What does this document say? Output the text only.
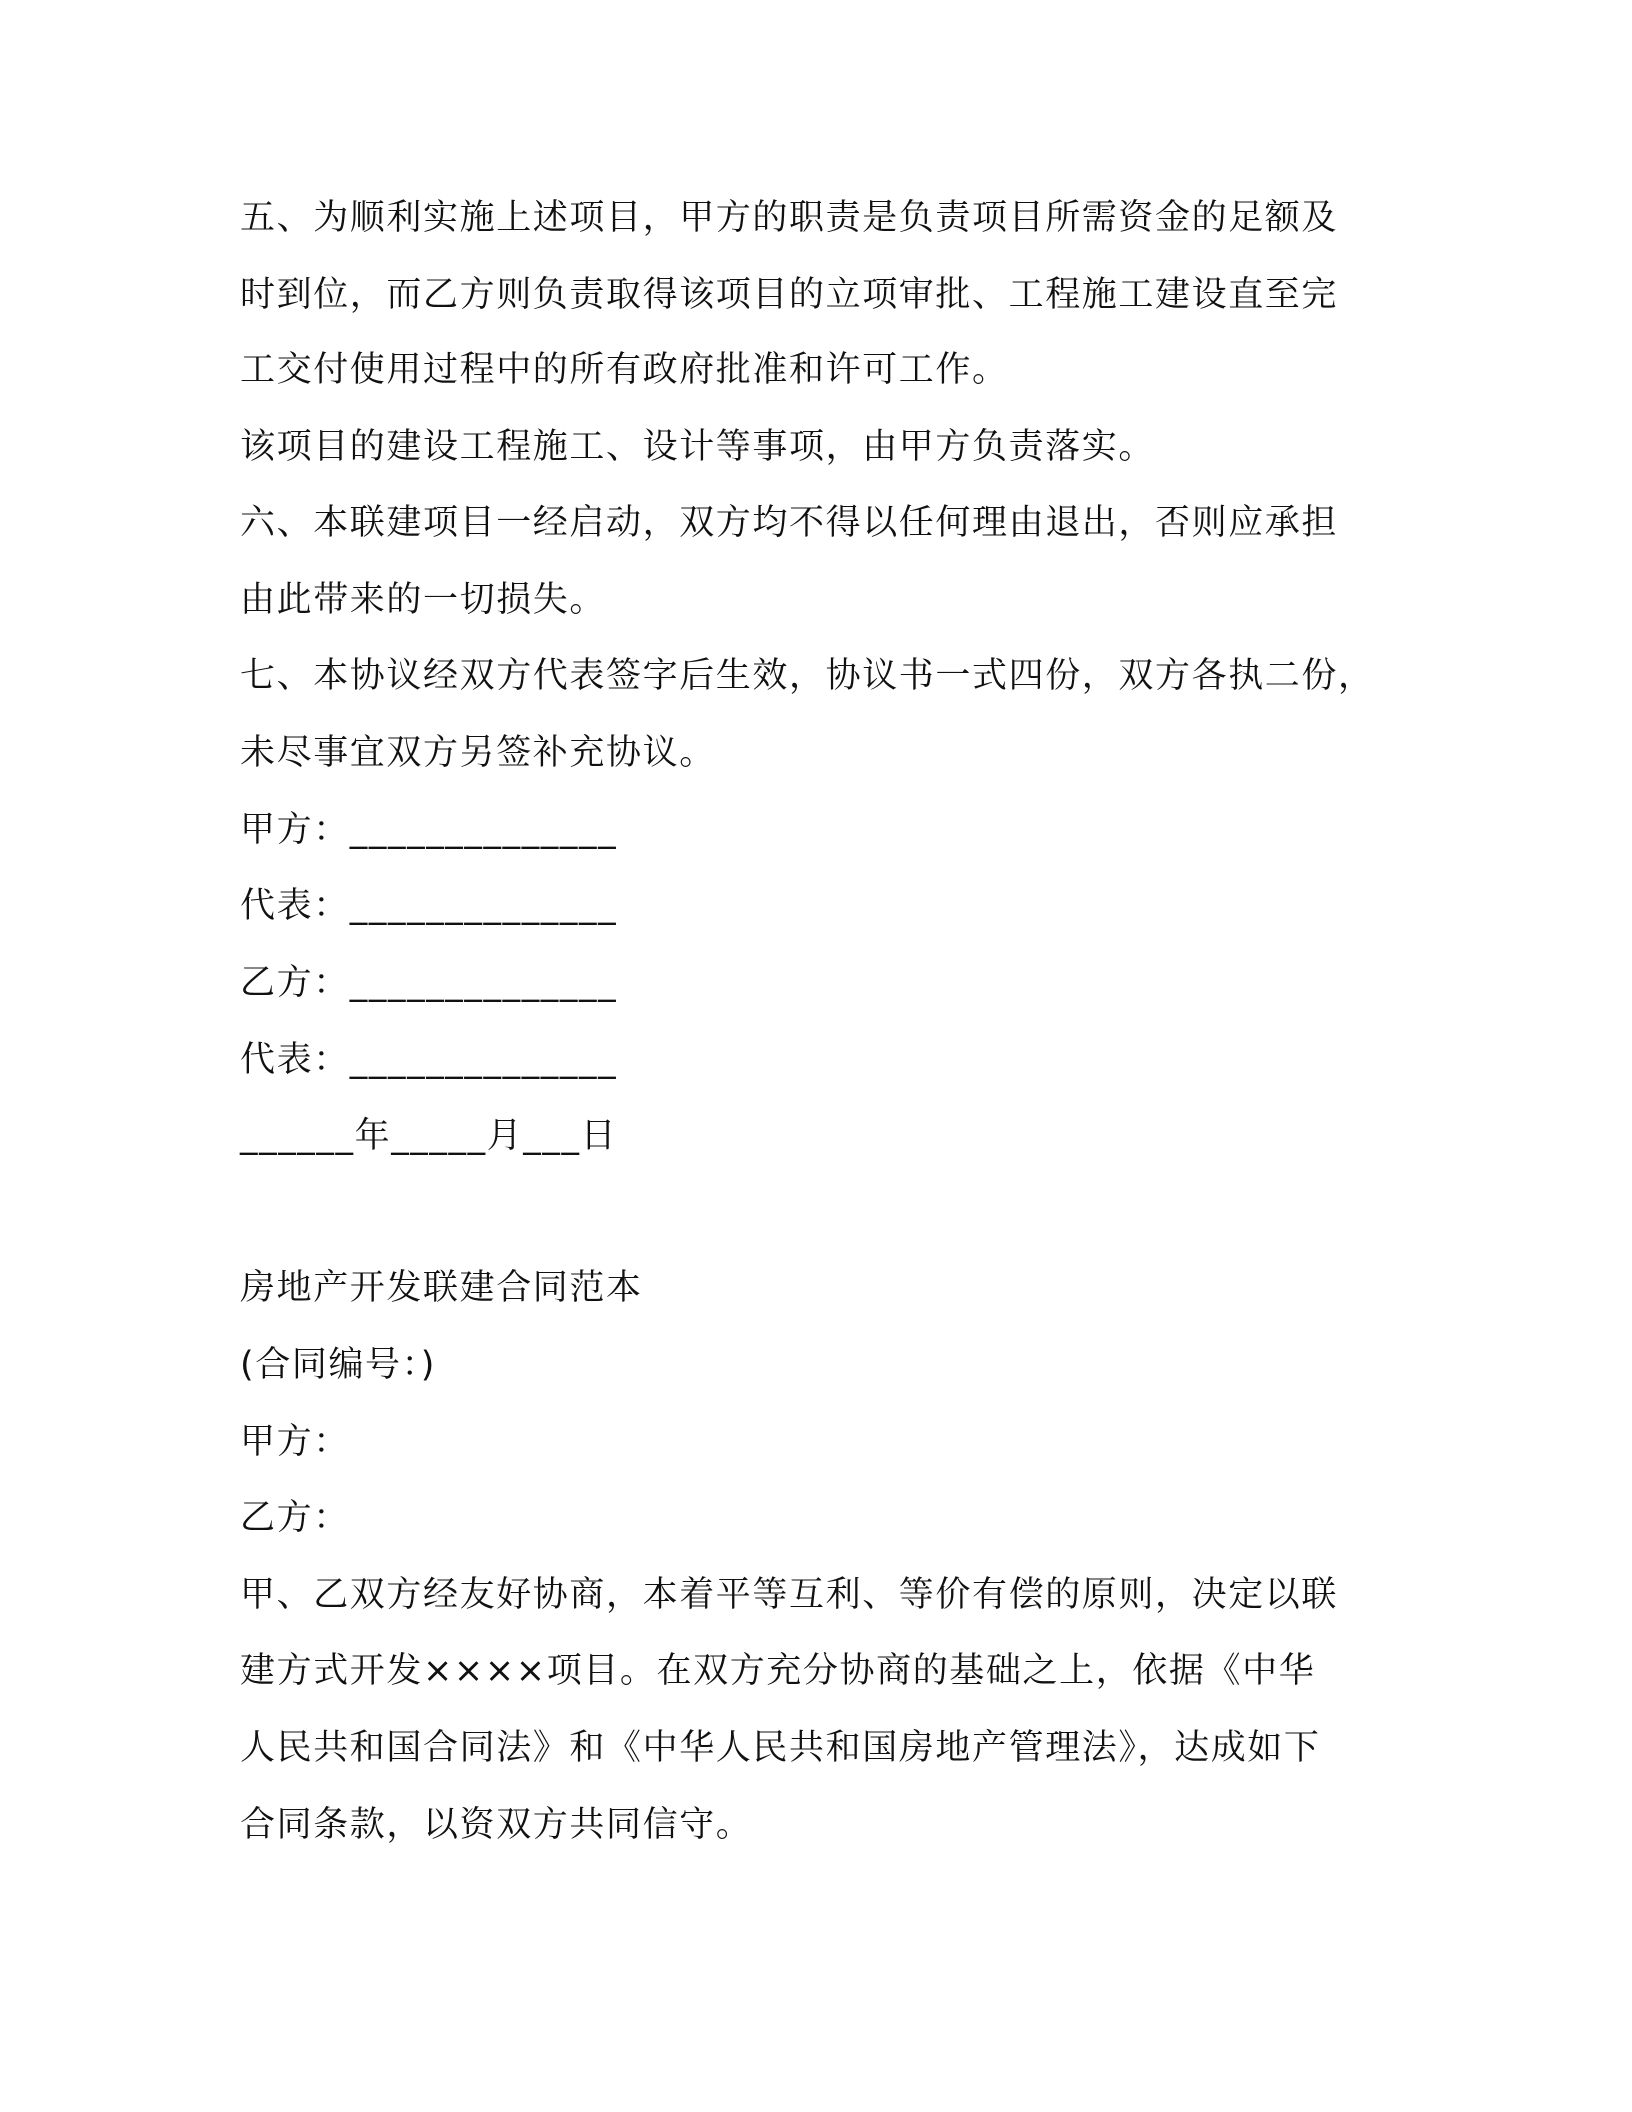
五、为顺利实施上述项目，甲方的职责是负责项目所需资金的足额及

时到位，而乙方则负责取得该项目的立项审批、工程施工建设直至完

工交付使用过程中的所有政府批准和许可工作。

该项目的建设工程施工、设计等事项，由甲方负责落实。

六、本联建项目一经启动，双方均不得以任何理由退出，否则应承担

由此带来的一切损失。

七、本协议经双方代表签字后生效，协议书一式四份，双方各执二份，

未尽事宜双方另签补充协议。

甲方：______________

代表：______________

乙方：______________

代表：______________

______年_____月___日

房地产开发联建合同范本

(合同编号：)

甲方：

乙方：

甲、乙双方经友好协商，本着平等互利、等价有偿的原则，决定以联

建方式开发××××项目。在双方充分协商的基础之上，依据《中华

人民共和国合同法》和《中华人民共和国房地产管理法》，达成如下

合同条款，以资双方共同信守。
